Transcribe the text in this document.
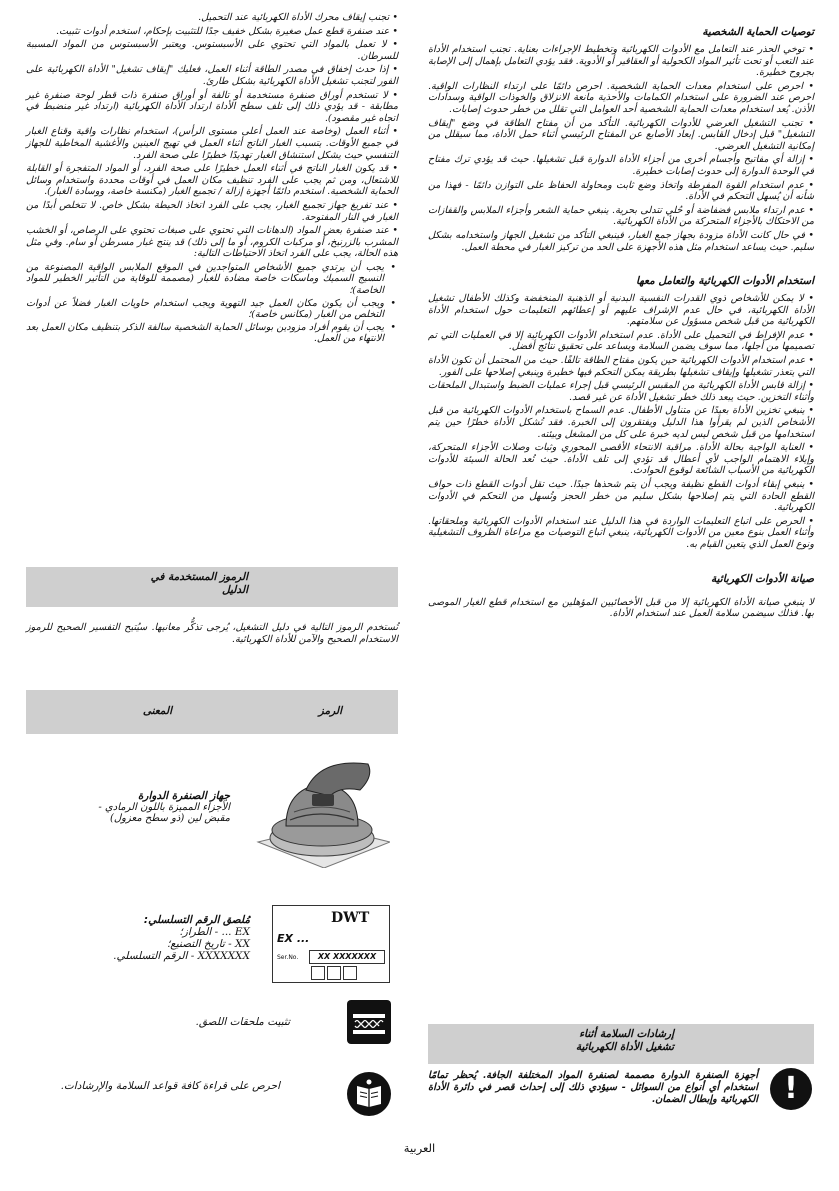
توصيات الحماية الشخصية

• توخي الحذر عند التعامل مع الأدوات الكهربائية وتخطيط الإجراءات بعناية. تجنب استخدام الأداة عند التعب أو تحت تأثير المواد الكحولية أو العقاقير أو الأدوية. فقد يؤدي التعامل بإهمال إلى الإصابة بجروح خطيرة.

• احرص على استخدام معدات الحماية الشخصية. احرص دائمًا على ارتداء النظارات الواقية. احرص عند الضرورة على استخدام الكمامات والأحذية مانعة الانزلاق والخوذات الواقية وسدادات الأذن. يُعد استخدام معدات الحماية الشخصية أحد العوامل التي تقلل من خطر حدوث إصابات.

• تجنب التشغيل العرضي للأدوات الكهربائية. التأكد من أن مفتاح الطاقة في وضع "إيقاف التشغيل" قبل إدخال القابس. إبعاد الأصابع عن المفتاح الرئيسي أثناء حمل الأداة، مما سيقلل من إمكانية التشغيل العرضي.

• إزالة أي مفاتيح وأجسام أخرى من أجزاء الأداة الدوارة قبل تشغيلها. حيث قد يؤدي ترك مفتاح في الوحدة الدوارة إلى حدوث إصابات خطيرة.

• عدم استخدام القوة المفرطة واتخاذ وضع ثابت ومحاولة الحفاظ على التوازن دائمًا - فهذا من شأنه أن يُسهل التحكم في الأداة.

• عدم ارتداء ملابس فضفاضة أو حُلي تتدلى بحرية. ينبغي حماية الشعر وأجزاء الملابس والقفازات من الاحتكاك بالأجزاء المتحركة من الأداة الكهربائية.

• في حال كانت الأداة مزودة بجهاز جمع الغبار، فينبغي التأكد من تشغيل الجهاز واستخدامه بشكل سليم. حيث يساعد استخدام مثل هذه الأجهزة على الحد من تركيز الغبار في محطة العمل.

استخدام الأدوات الكهربائية والتعامل معها

• لا يمكن للأشخاص ذوي القدرات النفسية البدنية أو الذهنية المنخفضة وكذلك الأطفال تشغيل الأداة الكهربائية، في حال عدم الإشراف عليهم أو إعطائهم التعليمات حول استخدام الأداة الكهربائية من قبل شخص مسؤول عن سلامتهم.

• عدم الإفراط في التحميل على الأداة. عدم استخدام الأدوات الكهربائية إلا في العمليات التي تم تصميمها من أجلها، مما سوف يضمن السلامة ويساعد على تحقيق نتائج أفضل.

• عدم استخدام الأدوات الكهربائية حين يكون مفتاح الطاقة تالفًا. حيث من المحتمل أن تكون الأداة التي يتعذر تشغيلها وإيقاف تشغيلها بطريقة يمكن التحكم فيها خطيرة وينبغي إصلاحها على الفور.

• إزالة قابس الأداة الكهربائية من المقبس الرئيسي قبل إجراء عمليات الضبط واستبدال الملحقات وأثناء التخزين. حيث يبعد ذلك خطر تشغيل الأداة عن غير قصد.

• ينبغي تخزين الأداة بعيدًا عن متناول الأطفال. عدم السماح باستخدام الأدوات الكهربائية من قبل الأشخاص الذين لم يقرأوا هذا الدليل ويفتقرون إلى الخبرة. فقد تُشكل الأداة خطرًا حين يتم استخدامها من قبل شخص ليس لديه خبرة على كل من المشغل وبيئته.

• العناية الواجبة بحالة الأداة. مراقبة الانتحاء الأقصى المحوري وثبات وصلات الأجزاء المتحركة، وإيلاء الاهتمام الواجب لأي أعطال قد تؤدي إلى تلف الأداة. حيث تُعد الحالة السيئة للأدوات الكهربائية من الأسباب الشائعة لوقوع الحوادث.

• ينبغي إبقاء أدوات القطع نظيفة ويجب أن يتم شحذها جيدًا. حيث تقل أدوات القطع ذات حواف القطع الحادة التي يتم إصلاحها بشكل سليم من خطر الحجز وتُسهل من التحكم في الأدوات الكهربائية.

• الحرص على اتباع التعليمات الواردة في هذا الدليل عند استخدام الأدوات الكهربائية وملحقاتها. وأثناء العمل بنوع معين من الأدوات الكهربائية، ينبغي اتباع التوصيات مع مراعاة الظروف التشغيلية ونوع العمل الذي يتعين القيام به.

صيانة الأدوات الكهربائية

لا ينبغي صيانة الأداة الكهربائية إلا من قبل الأخصائيين المؤهلين مع استخدام قطع الغيار الموصى بها. فذلك سيضمن سلامة العمل عند استخدام الأداة.

إرشادات السلامة أثناء
تشغيل الأداة الكهربائية
!

أجهزة الصنفرة الدوارة مصممة لصنفرة المواد المختلفة الجافة. يُحظر تمامًا استخدام أي أنواع من السوائل - سيؤدي ذلك إلى إحداث قصر في دائرة الأداة الكهربائية وإبطال الضمان.

• تجنب إيقاف محرك الأداة الكهربائية عند التحميل.

• عند صنفرة قطع عمل صغيرة بشكل خفيف جدًا للتثبيت بإحكام، استخدم أدوات تثبيت.

• لا تعمل بالمواد التي تحتوي على الأسبستوس. ويعتبر الأسبستوس من المواد المسببة للسرطان.

• إذا حدث إخفاق في مصدر الطاقة أثناء العمل، فعليك "إيقاف تشغيل" الأداة الكهربائية على الفور لتجنب تشغيل الأداة الكهربائية بشكل طارئ.

• لا تستخدم أوراق صنفرة مستخدمة أو تالفة أو أوراق صنفرة ذات قطر لوحة صنفرة غير مطابقة - قد يؤدي ذلك إلى تلف سطح الأداة ارتداد الأداة الكهربائية (ارتداد غير منضبط في اتجاه غير مقصود).

• أثناء العمل (وخاصة عند العمل أعلى مستوى الرأس)، استخدام نظارات واقية وقناع الغبار في جميع الأوقات. يتسبب الغبار الناتج أثناء العمل في تهيج العينين والأغشية المخاطية للجهاز التنفسي حيث يشكل استنشاق الغبار تهديدًا خطيرًا على صحة الفرد.

• قد يكون الغبار الناتج في أثناء العمل خطيرًا على صحة الفرد، أو المواد المتفجرة أو القابلة للاشتعال، ومن ثم يجب على الفرد تنظيف مكان العمل في أوقات محددة واستخدام وسائل الحماية الشخصية. استخدم دائمًا أجهزة إزالة / تجميع الغبار (مكنسة خاصة، ووسادة الغبار).

• عند تفريغ جهاز تجميع الغبار، يجب على الفرد اتخاذ الحيطة بشكل خاص. لا تتخلص أبدًا من الغبار في النار المفتوحة.

• عند صنفرة بعض المواد (الدهانات التي تحتوي على صبغات تحتوي على الرصاص، أو الخشب المشرب بالزرنيخ، أو مركبات الكروم، أو ما إلى ذلك) قد ينتج غبار مسرطن أو سام. وفي مثل هذه الحالة، يجب على الفرد اتخاذ الاحتياطات التالية:

• يجب أن يرتدي جميع الأشخاص المتواجدين في الموقع الملابس الواقية المصنوعة من النسيج السميك وماسكات خاصة مضادة للغبار (مصممة للوقاية من التأثير الخطير للمواد الخاصة)؛
• ويجب أن يكون مكان العمل جيد التهوية ويجب استخدام حاويات الغبار فضلاً عن أدوات التخلص من الغبار (مكانس خاصة)؛
• يجب أن يقوم أفراد مزودين بوسائل الحماية الشخصية سالفة الذكر بتنظيف مكان العمل بعد الانتهاء من العمل.
الرموز المستخدمة في
الدليل

تُستخدم الرموز التالية في دليل التشغيل، يُرجى تذكُّر معانيها. سيُتيح التفسير الصحيح للرموز الاستخدام الصحيح والآمن للأداة الكهربائية.

الرمز
المعنى
جهاز الصنفرة الدوارة
الأجزاء المميزة باللون الرمادي -
مقبض لين (ذو سطح معزول)
DWT
EX ...
Ser.No.	XX XXXXXXX
مُلصق الرقم التسلسلي:
EX ... - الطراز؛
XX - تاريخ التصنيع؛
XXXXXXX - الرقم التسلسلي.
تثبيت ملحقات اللصق.
احرص على قراءة كافة قواعد السلامة والإرشادات.
العربية
